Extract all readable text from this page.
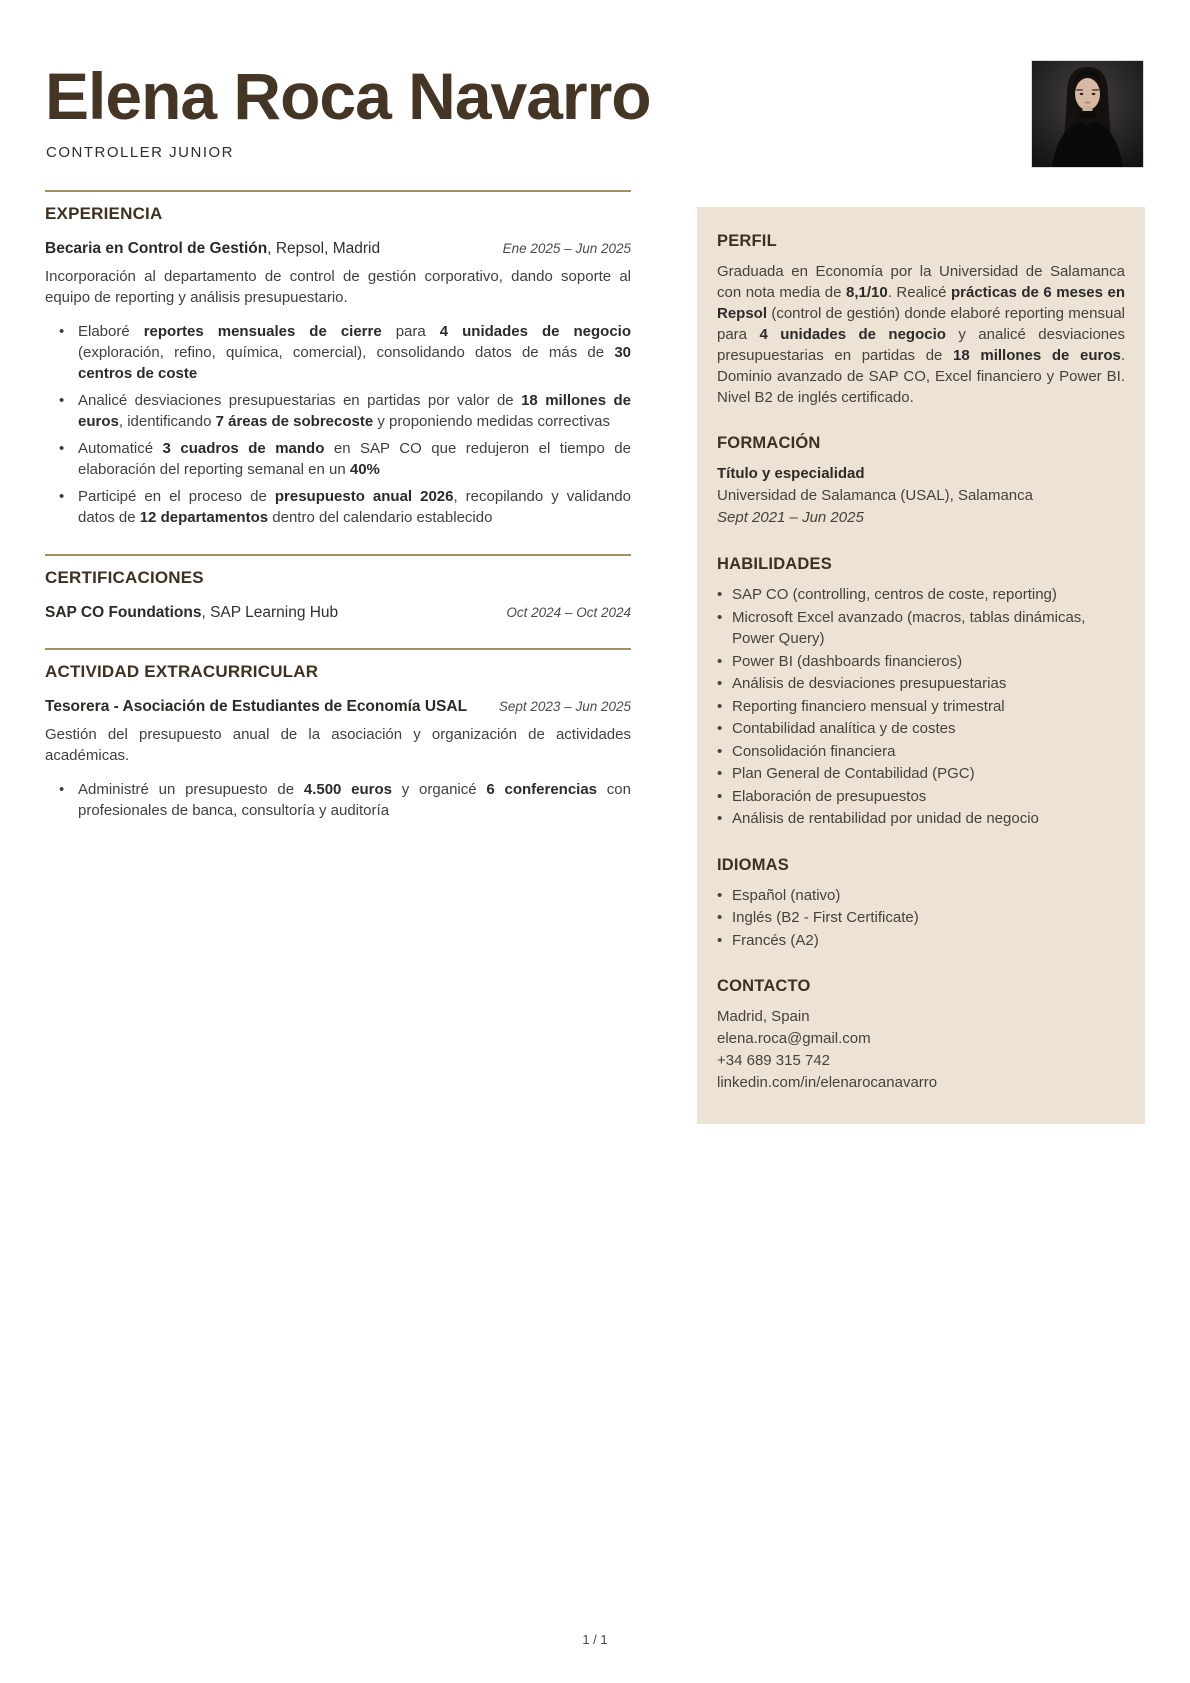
Elena Roca Navarro
CONTROLLER JUNIOR
EXPERIENCIA
Becaria en Control de Gestión, Repsol, Madrid	Ene 2025 – Jun 2025

Incorporación al departamento de control de gestión corporativo, dando soporte al equipo de reporting y análisis presupuestario.

• Elaboré reportes mensuales de cierre para 4 unidades de negocio (exploración, refino, química, comercial), consolidando datos de más de 30 centros de coste
• Analicé desviaciones presupuestarias en partidas por valor de 18 millones de euros, identificando 7 áreas de sobrecoste y proponiendo medidas correctivas
• Automaticé 3 cuadros de mando en SAP CO que redujeron el tiempo de elaboración del reporting semanal en un 40%
• Participé en el proceso de presupuesto anual 2026, recopilando y validando datos de 12 departamentos dentro del calendario establecido
CERTIFICACIONES
SAP CO Foundations, SAP Learning Hub	Oct 2024 – Oct 2024
ACTIVIDAD EXTRACURRICULAR
Tesorera - Asociación de Estudiantes de Economía USAL	Sept 2023 – Jun 2025

Gestión del presupuesto anual de la asociación y organización de actividades académicas.

• Administré un presupuesto de 4.500 euros y organicé 6 conferencias con profesionales de banca, consultoría y auditoría
PERFIL

Graduada en Economía por la Universidad de Salamanca con nota media de 8,1/10. Realicé prácticas de 6 meses en Repsol (control de gestión) donde elaboré reporting mensual para 4 unidades de negocio y analicé desviaciones presupuestarias en partidas de 18 millones de euros. Dominio avanzado de SAP CO, Excel financiero y Power BI. Nivel B2 de inglés certificado.

FORMACIÓN
Título y especialidad
Universidad de Salamanca (USAL), Salamanca
Sept 2021 – Jun 2025
HABILIDADES
• SAP CO (controlling, centros de coste, reporting)
• Microsoft Excel avanzado (macros, tablas dinámicas, Power Query)
• Power BI (dashboards financieros)
• Análisis de desviaciones presupuestarias
• Reporting financiero mensual y trimestral
• Contabilidad analítica y de costes
• Consolidación financiera
• Plan General de Contabilidad (PGC)
• Elaboración de presupuestos
• Análisis de rentabilidad por unidad de negocio
IDIOMAS
• Español (nativo)
• Inglés (B2 - First Certificate)
• Francés (A2)
CONTACTO
Madrid, Spain
elena.roca@gmail.com
+34 689 315 742
linkedin.com/in/elenarocanavarro
1 / 1
